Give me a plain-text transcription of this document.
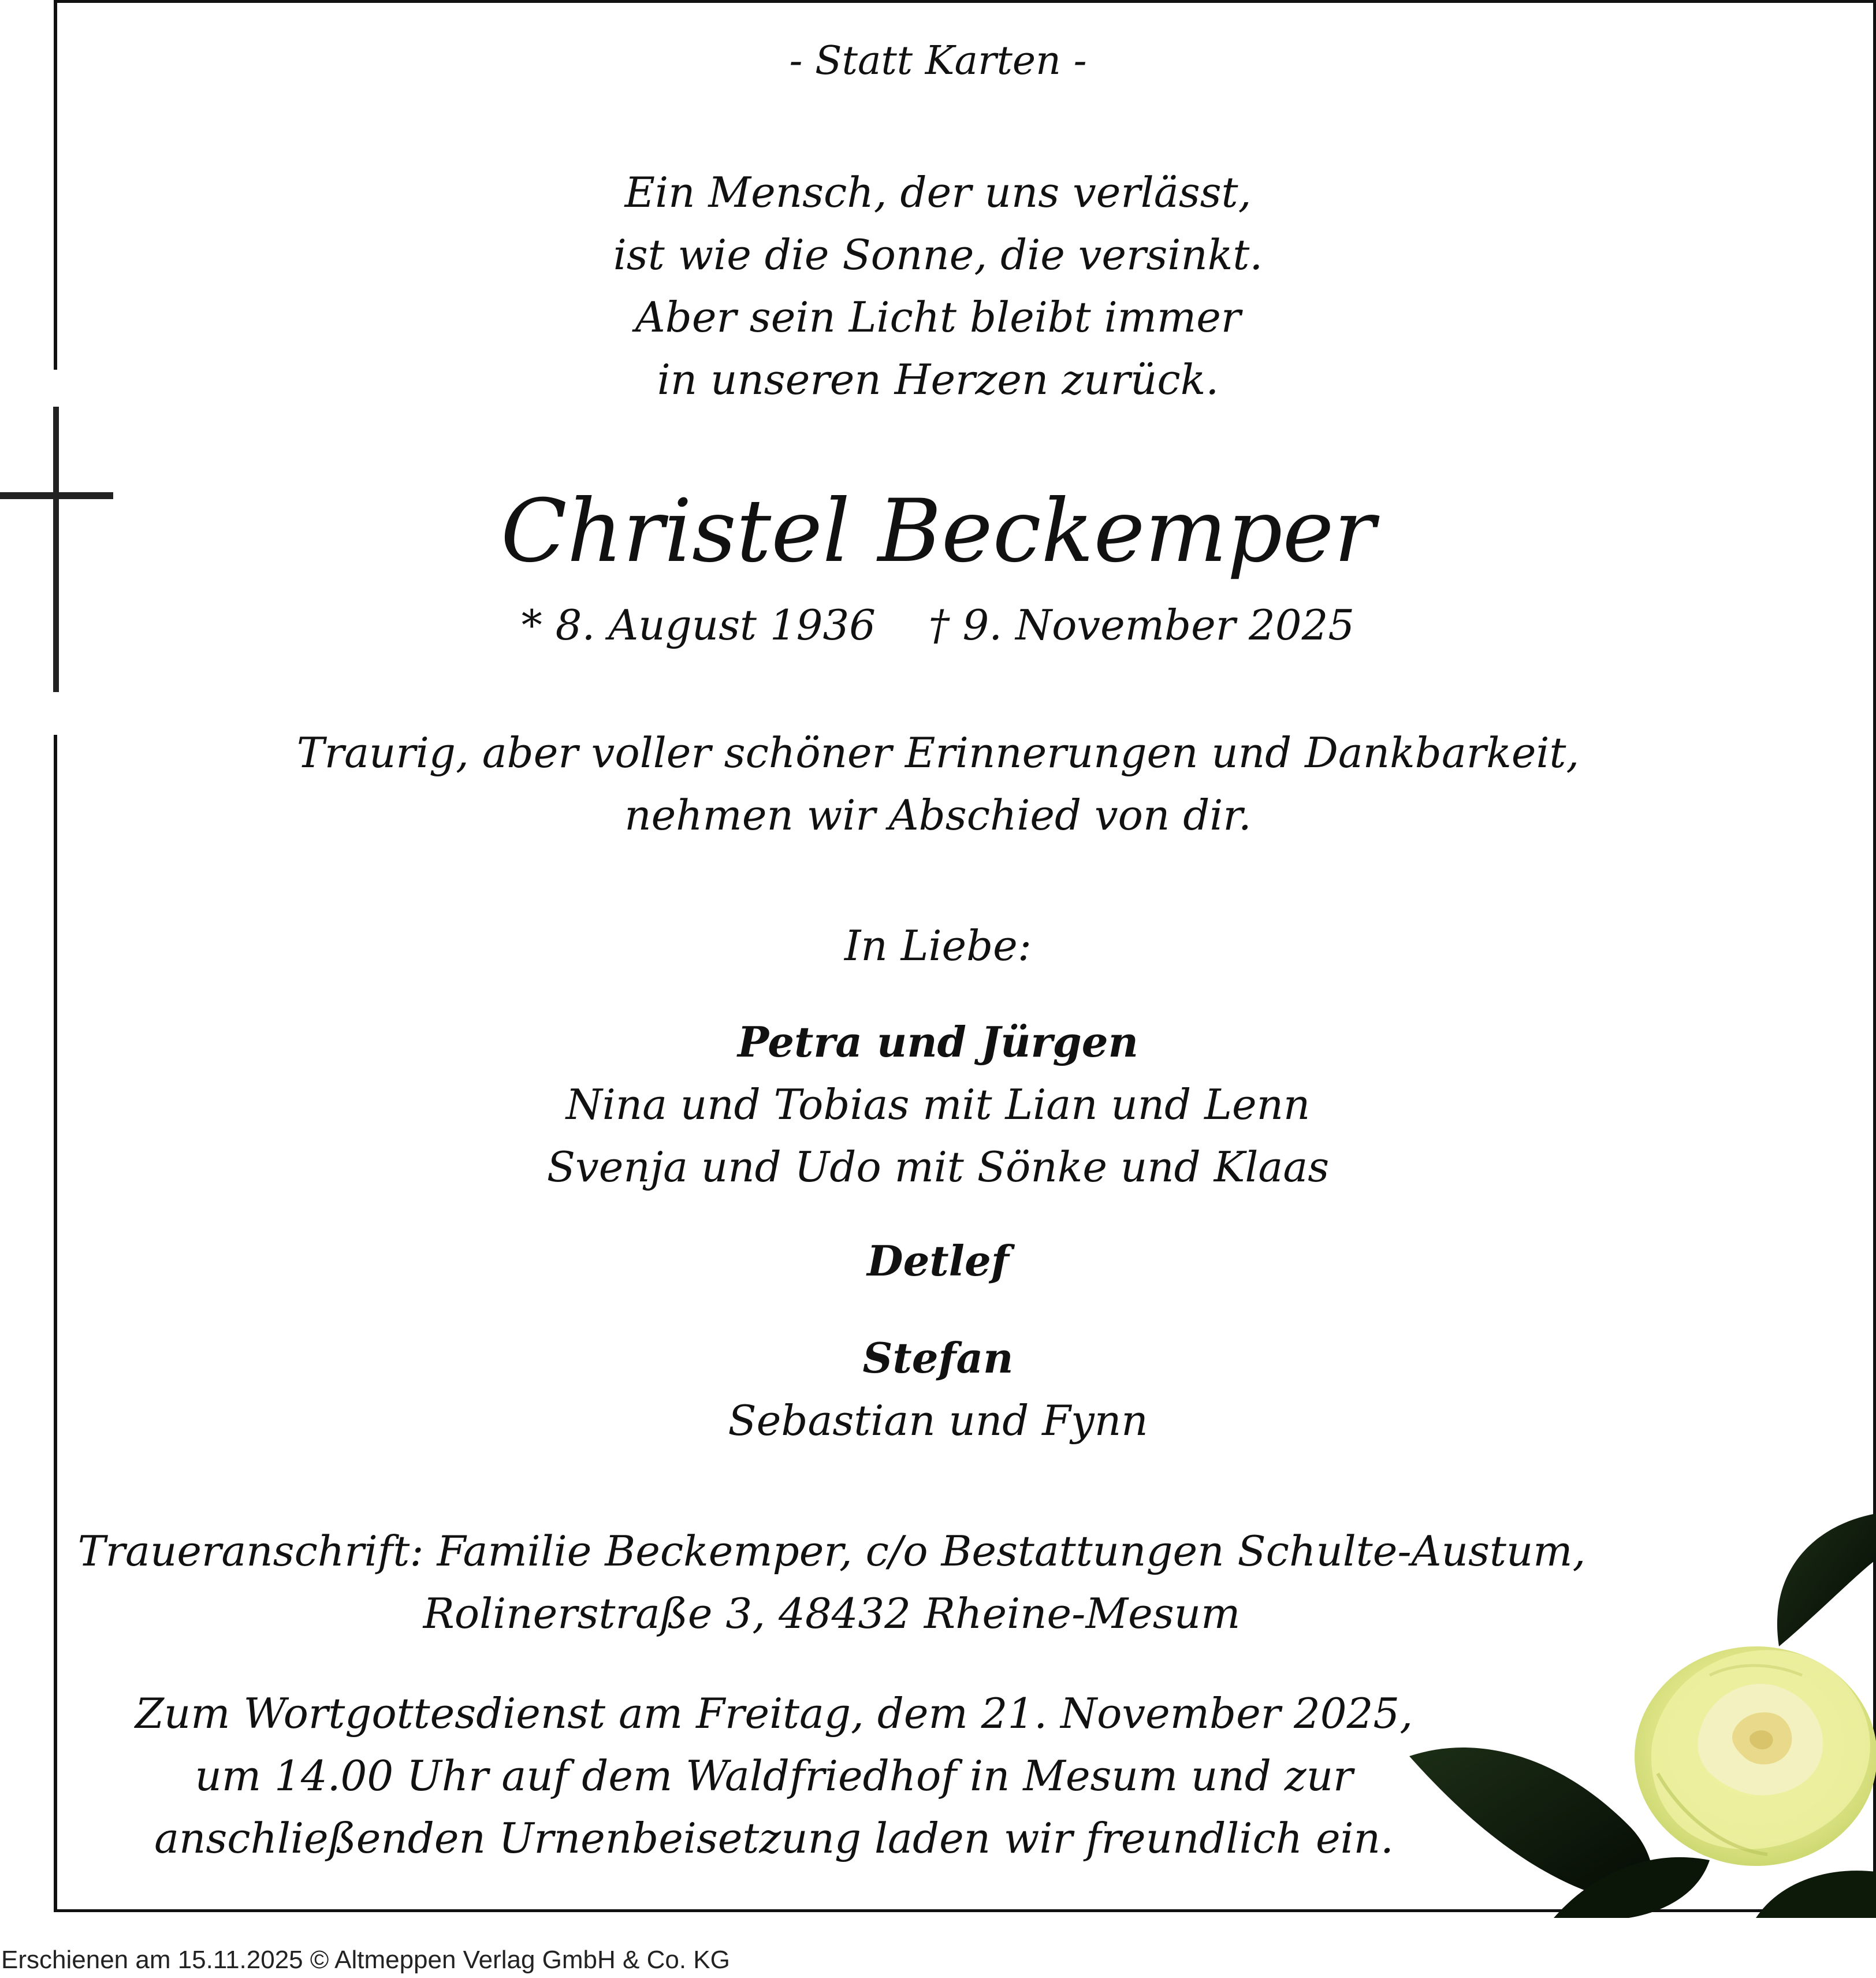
- Statt Karten -
Ein Mensch, der uns verlässt,
ist wie die Sonne, die versinkt.
Aber sein Licht bleibt immer
in unseren Herzen zurück.
Christel Beckemper
* 8. August 1936    † 9. November 2025
Traurig, aber voller schöner Erinnerungen und Dankbarkeit,
nehmen wir Abschied von dir.
In Liebe:
Petra und Jürgen
Nina und Tobias mit Lian und Lenn
Svenja und Udo mit Sönke und Klaas
Detlef
Stefan
Sebastian und Fynn
Traueranschrift: Familie Beckemper, c/o Bestattungen Schulte-Austum,
Rolinerstraße 3, 48432 Rheine-Mesum
Zum Wortgottesdienst am Freitag, dem 21. November 2025,
um 14.00 Uhr auf dem Waldfriedhof in Mesum und zur
anschließenden Urnenbeisetzung laden wir freundlich ein.
Erschienen am 15.11.2025 © Altmeppen Verlag GmbH & Co. KG
